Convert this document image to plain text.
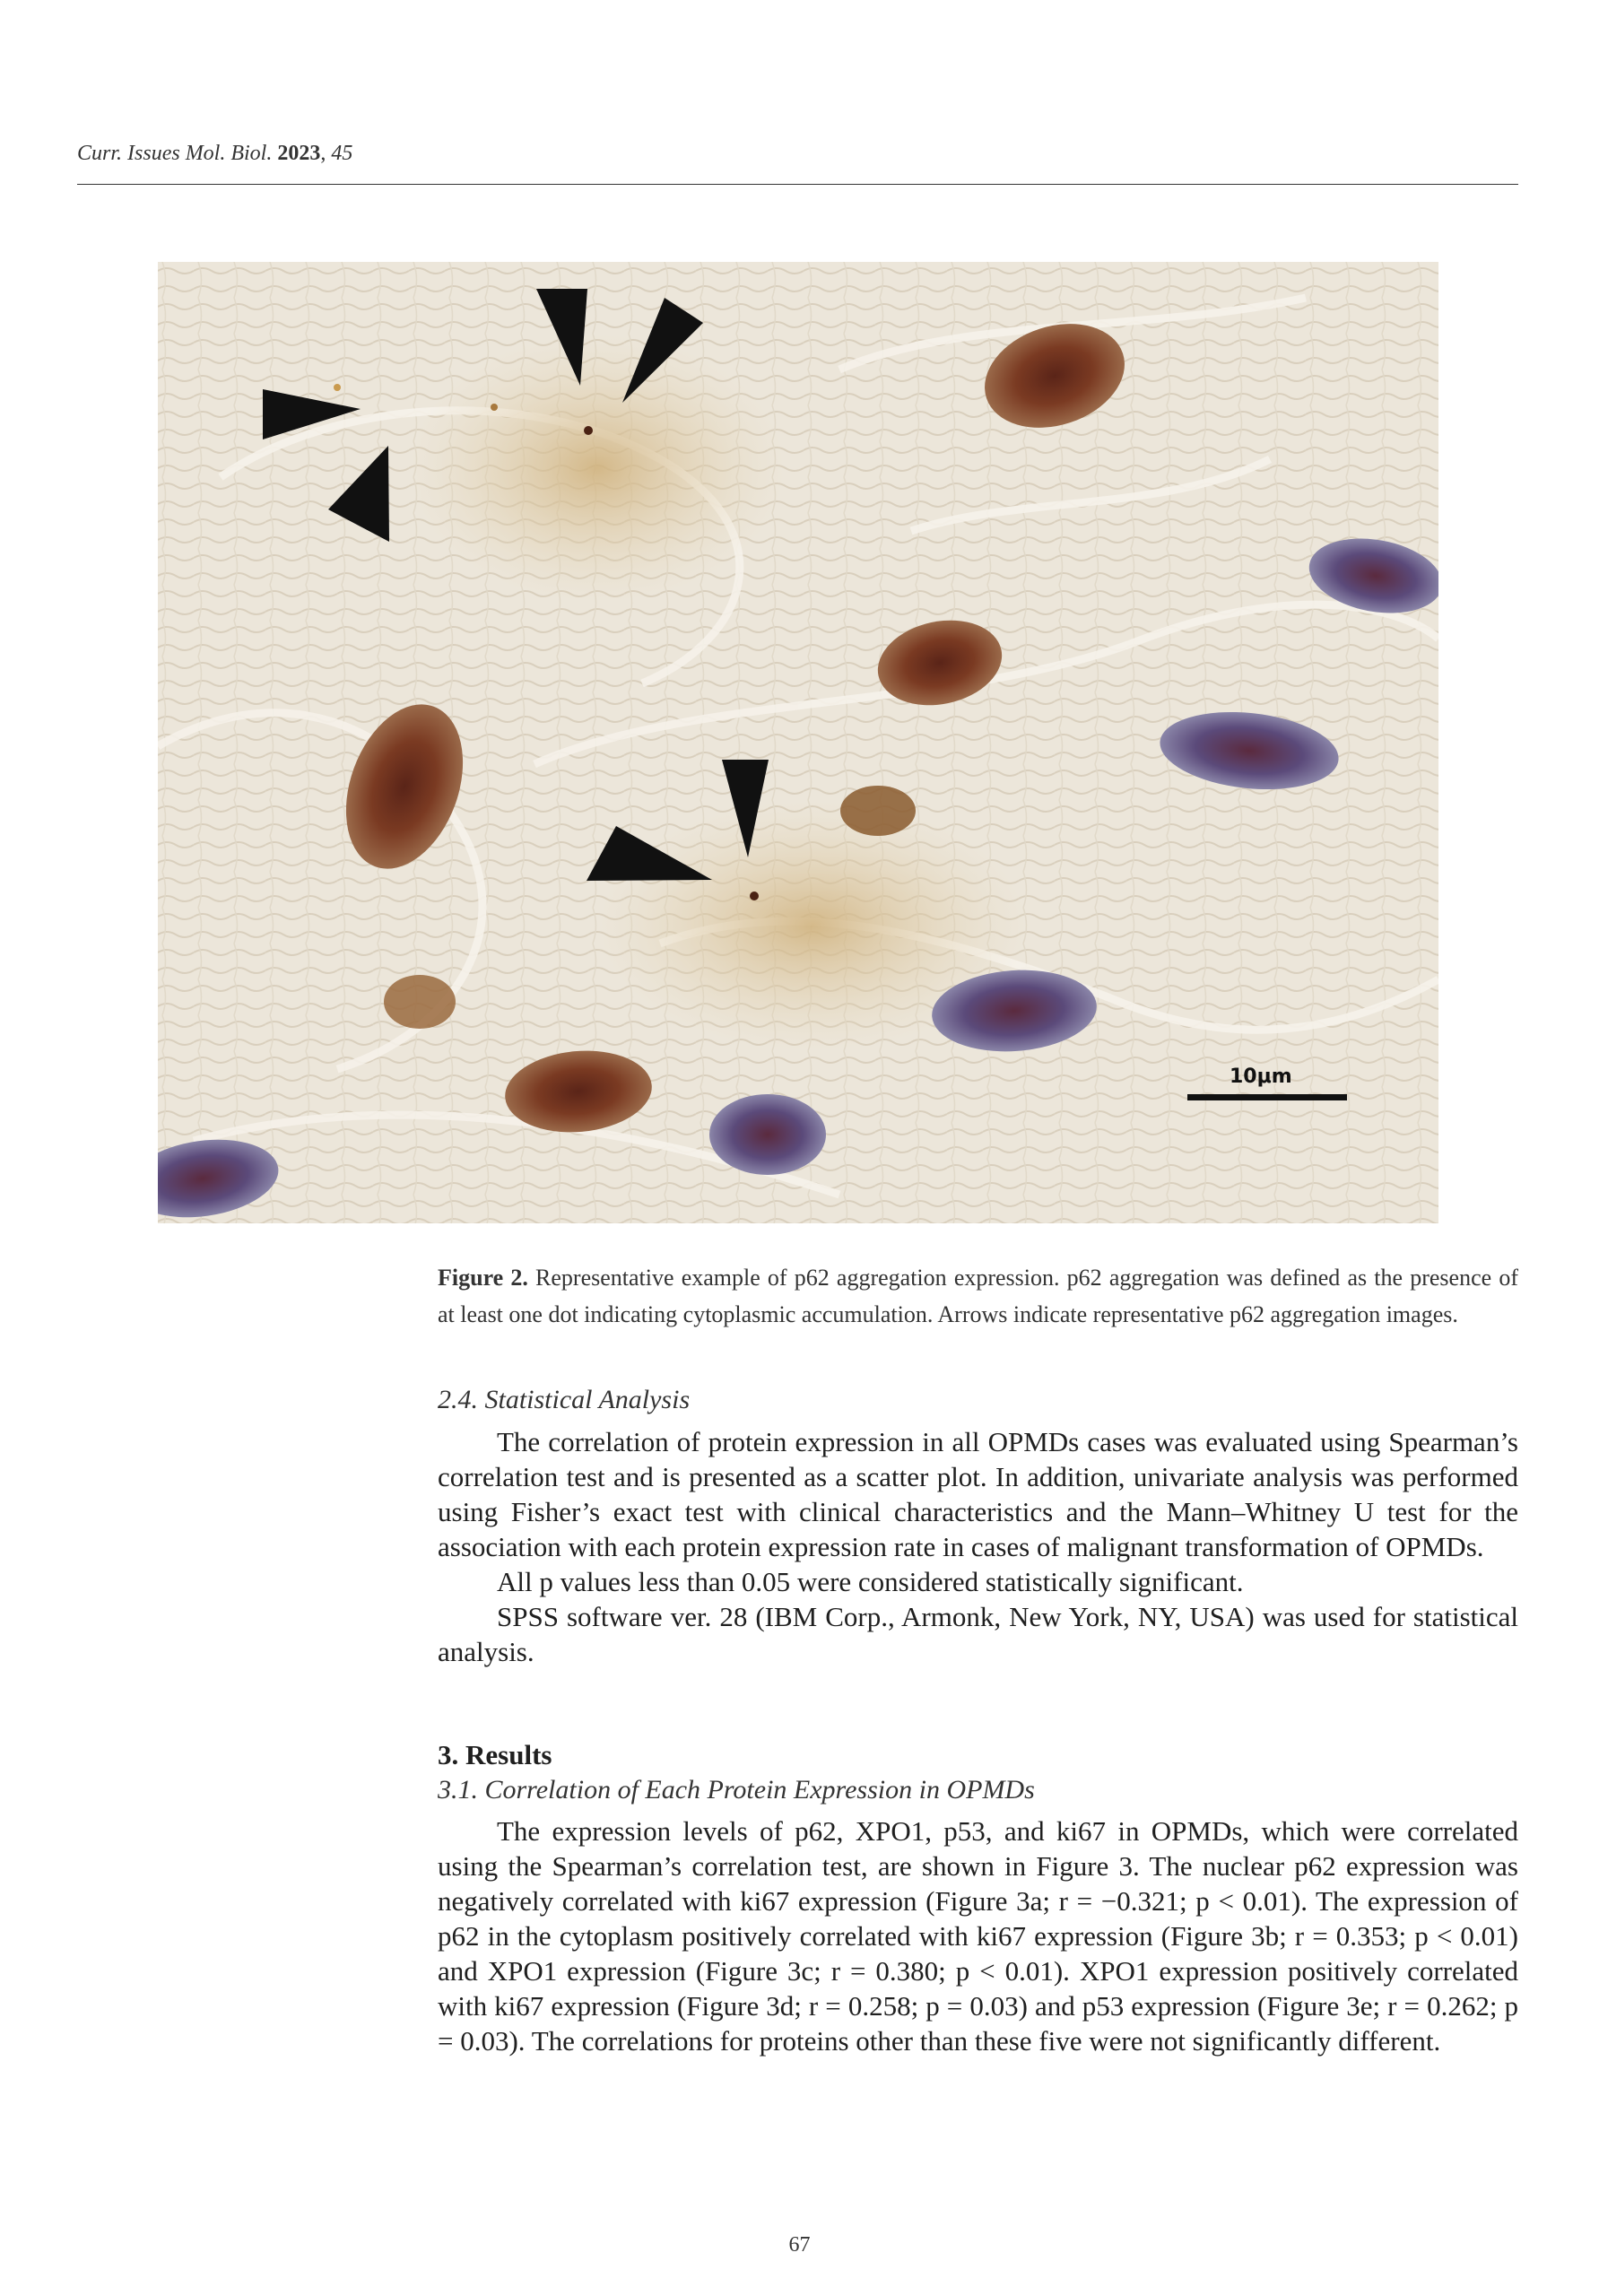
Curr. Issues Mol. Biol. 2023, 45
10μm
Figure 2. Representative example of p62 aggregation expression. p62 aggregation was defined as the presence of at least one dot indicating cytoplasmic accumulation. Arrows indicate representative p62 aggregation images.
2.4. Statistical Analysis

The correlation of protein expression in all OPMDs cases was evaluated using Spearman’s correlation test and is presented as a scatter plot. In addition, univariate analysis was performed using Fisher’s exact test with clinical characteristics and the Mann–Whitney U test for the association with each protein expression rate in cases of malignant transformation of OPMDs.

All p values less than 0.05 were considered statistically significant.

SPSS software ver. 28 (IBM Corp., Armonk, New York, NY, USA) was used for statistical analysis.

3. Results
3.1. Correlation of Each Protein Expression in OPMDs

The expression levels of p62, XPO1, p53, and ki67 in OPMDs, which were correlated using the Spearman’s correlation test, are shown in Figure 3. The nuclear p62 expression was negatively correlated with ki67 expression (Figure 3a; r = −0.321; p < 0.01). The expression of p62 in the cytoplasm positively correlated with ki67 expression (Figure 3b; r = 0.353; p < 0.01) and XPO1 expression (Figure 3c; r = 0.380; p < 0.01). XPO1 expression positively correlated with ki67 expression (Figure 3d; r = 0.258; p = 0.03) and p53 expression (Figure 3e; r = 0.262; p = 0.03). The correlations for proteins other than these five were not significantly different.

67
